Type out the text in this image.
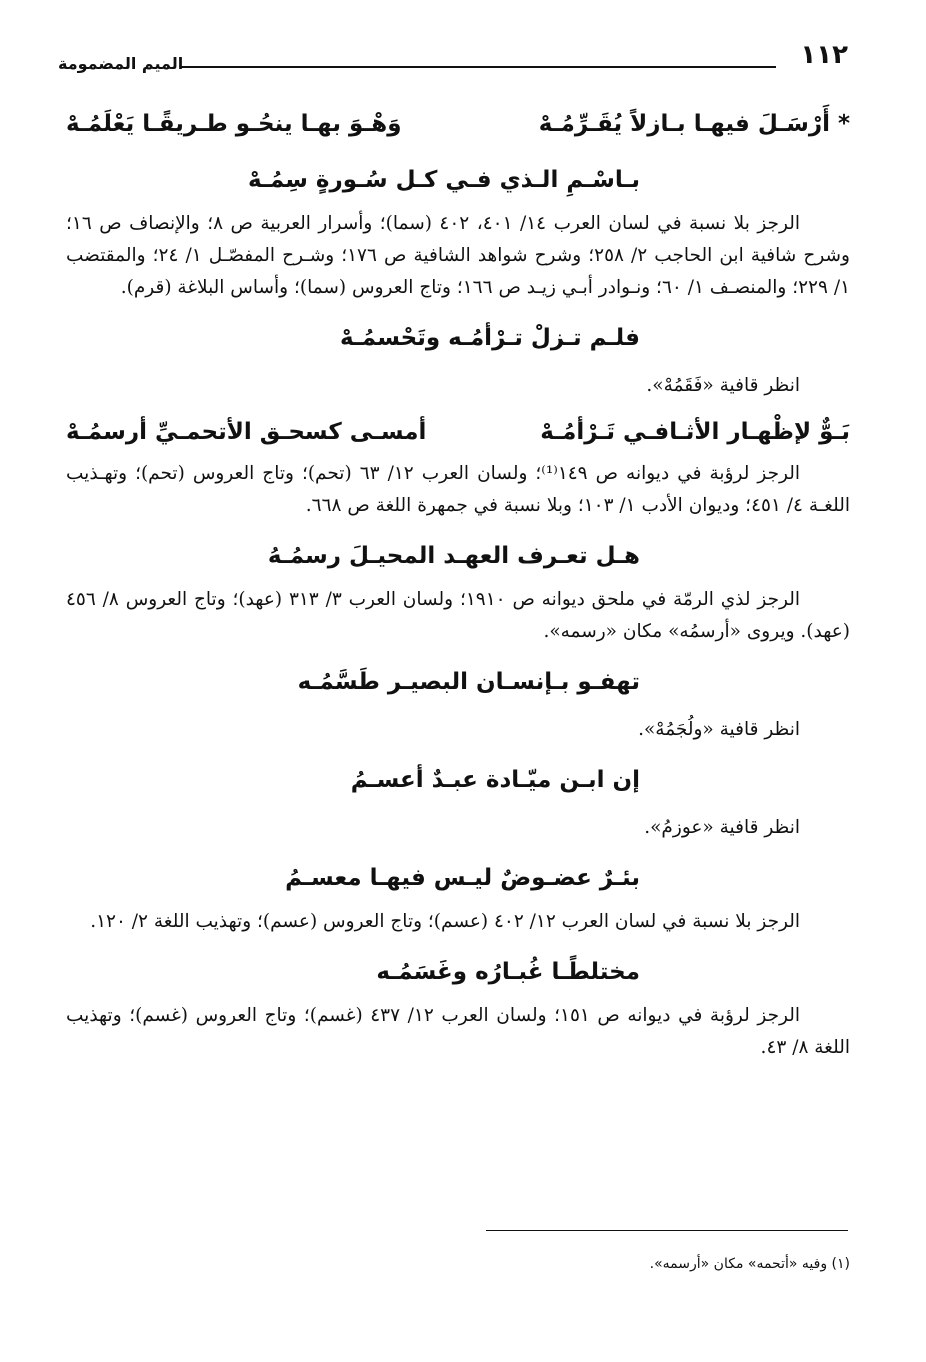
١١٢
الميم المضمومة
* أَرْسَـلَ فيهـا بـازلاً يُقَـرِّمُـهْ
وَهْـوَ بهـا ينحُـو طـريقًـا يَعْلَمُـهْ
بـاسْـمِ الـذي فـي كـل سُـورةٍ سِمُـهْ

الرجز بلا نسبة في لسان العرب ١٤/ ٤٠١، ٤٠٢ (سما)؛ وأسرار العربية ص ٨؛ والإنصاف ص ١٦؛ وشرح شافية ابن الحاجب ٢/ ٢٥٨؛ وشرح شواهد الشافية ص ١٧٦؛ وشـرح المفصّـل ١/ ٢٤؛ والمقتضب ١/ ٢٢٩؛ والمنصـف ١/ ٦٠؛ ونـوادر أبـي زيـد ص ١٦٦؛ وتاج العروس (سما)؛ وأساس البلاغة (قرم).

فلـم تـزلْ تـرْأمُـه وتَحْسمُـهْ

انظر قافية «فَقَمُهْ».

بَـوٌّ لإظْهـار الأثـافـي تَـرْأمُـهْ
أمسـى كسحـق الأتحمـيِّ أرسمُـهْ

الرجز لرؤبة في ديوانه ص ١٤٩⁽¹⁾؛ ولسان العرب ١٢/ ٦٣ (تحم)؛ وتاج العروس (تحم)؛ وتهـذيب اللغـة ٤/ ٤٥١؛ وديوان الأدب ١/ ١٠٣؛ وبلا نسبة في جمهرة اللغة ص ٦٦٨.

هـل تعـرف العهـد المحيـلَ رسمُـهُ

الرجز لذي الرمّة في ملحق ديوانه ص ١٩١٠؛ ولسان العرب ٣/ ٣١٣ (عهد)؛ وتاج العروس ٨/ ٤٥٦ (عهد). ويروى «أرسمُه» مكان «رسمه».

تهفـو بـإنسـان البصيـر طَسَّمُـه

انظر قافية «ولُجَمُهْ».

إن ابـن ميّـادة عبـدٌ أعسـمُ

انظر قافية «عوزمُ».

بئـرٌ عضـوضٌ ليـس فيهـا معسـمُ

الرجز بلا نسبة في لسان العرب ١٢/ ٤٠٢ (عسم)؛ وتاج العروس (عسم)؛ وتهذيب اللغة ٢/ ١٢٠.

مختلطًـا غُبـارُه وغَسَمُـه

الرجز لرؤبة في ديوانه ص ١٥١؛ ولسان العرب ١٢/ ٤٣٧ (غسم)؛ وتاج العروس (غسم)؛ وتهذيب اللغة ٨/ ٤٣.

(١) وفيه «أتحمه» مكان «أرسمه».
